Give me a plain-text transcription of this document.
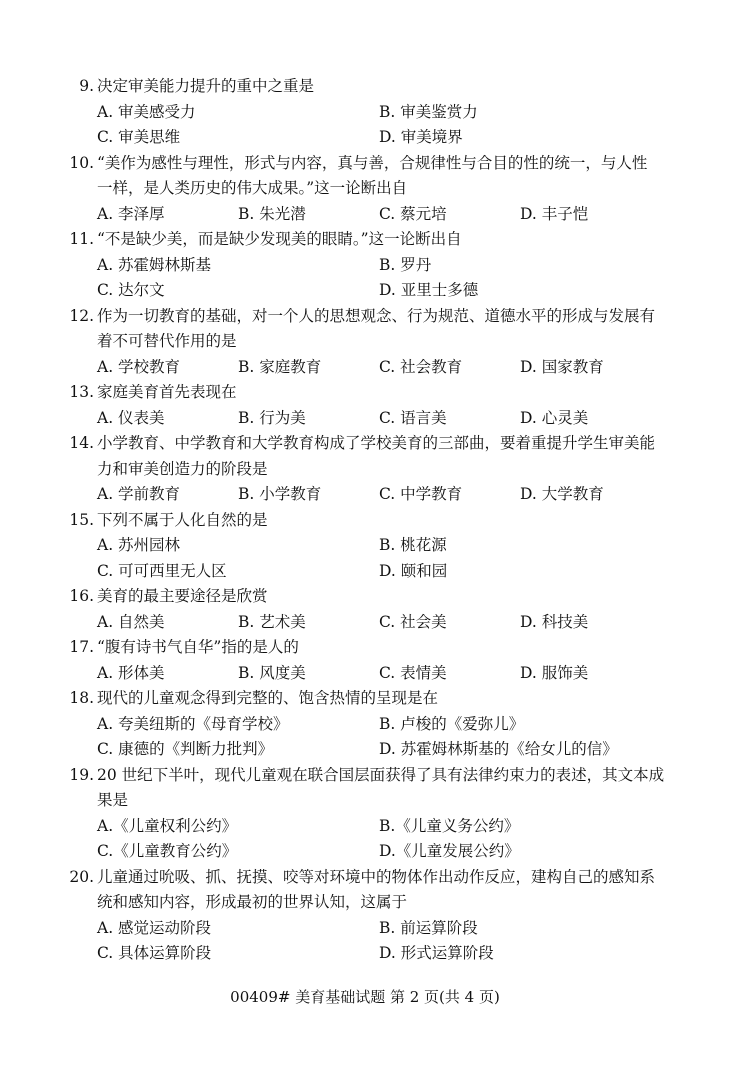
9. 决定审美能力提升的重中之重是
A. 审美感受力	B. 审美鉴赏力
C. 审美思维	D. 审美境界
10. “美作为感性与理性，形式与内容，真与善，合规律性与合目的性的统一，与人性
一样，是人类历史的伟大成果。”这一论断出自
A. 李泽厚	B. 朱光潜	C. 蔡元培	D. 丰子恺
11. “不是缺少美，而是缺少发现美的眼睛。”这一论断出自
A. 苏霍姆林斯基	B. 罗丹
C. 达尔文	D. 亚里士多德
12. 作为一切教育的基础，对一个人的思想观念、行为规范、道德水平的形成与发展有
着不可替代作用的是
A. 学校教育	B. 家庭教育	C. 社会教育	D. 国家教育
13. 家庭美育首先表现在
A. 仪表美	B. 行为美	C. 语言美	D. 心灵美
14. 小学教育、中学教育和大学教育构成了学校美育的三部曲，要着重提升学生审美能
力和审美创造力的阶段是
A. 学前教育	B. 小学教育	C. 中学教育	D. 大学教育
15. 下列不属于人化自然的是
A. 苏州园林	B. 桃花源
C. 可可西里无人区	D. 颐和园
16. 美育的最主要途径是欣赏
A. 自然美	B. 艺术美	C. 社会美	D. 科技美
17. “腹有诗书气自华”指的是人的
A. 形体美	B. 风度美	C. 表情美	D. 服饰美
18. 现代的儿童观念得到完整的、饱含热情的呈现是在
A. 夸美纽斯的《母育学校》	B. 卢梭的《爱弥儿》
C. 康德的《判断力批判》	D. 苏霍姆林斯基的《给女儿的信》
19. 20 世纪下半叶，现代儿童观在联合国层面获得了具有法律约束力的表述，其文本成
果是
A.《儿童权利公约》	B.《儿童义务公约》
C.《儿童教育公约》	D.《儿童发展公约》
20. 儿童通过吮吸、抓、抚摸、咬等对环境中的物体作出动作反应，建构自己的感知系
统和感知内容，形成最初的世界认知，这属于
A. 感觉运动阶段	B. 前运算阶段
C. 具体运算阶段	D. 形式运算阶段
00409# 美育基础试题 第 2 页(共 4 页)
